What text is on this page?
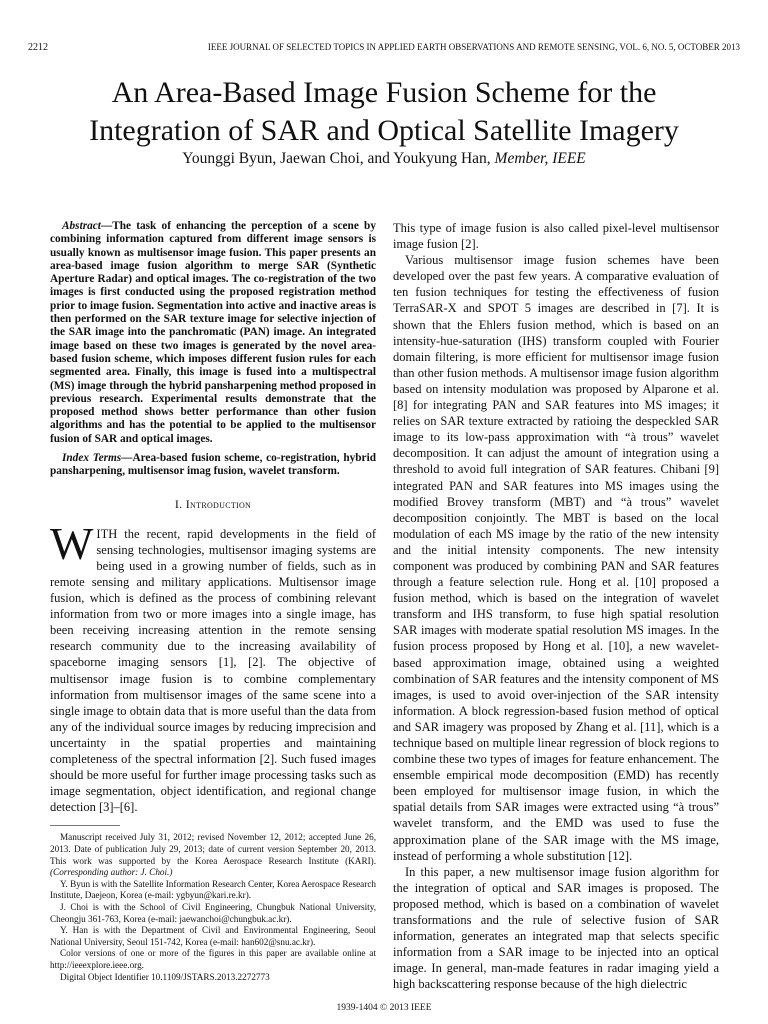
2212	IEEE JOURNAL OF SELECTED TOPICS IN APPLIED EARTH OBSERVATIONS AND REMOTE SENSING, VOL. 6, NO. 5, OCTOBER 2013
An Area-Based Image Fusion Scheme for the
Integration of SAR and Optical Satellite Imagery
Younggi Byun, Jaewan Choi, and Youkyung Han, Member, IEEE

Abstract—The task of enhancing the perception of a scene by combining information captured from different image sensors is usually known as multisensor image fusion. This paper presents an area-based image fusion algorithm to merge SAR (Synthetic Aperture Radar) and optical images. The co-registration of the two images is first conducted using the proposed registration method prior to image fusion. Segmentation into active and inactive areas is then performed on the SAR texture image for selective injection of the SAR image into the panchromatic (PAN) image. An integrated image based on these two images is generated by the novel area-based fusion scheme, which imposes different fusion rules for each segmented area. Finally, this image is fused into a multispectral (MS) image through the hybrid pansharpening method proposed in previous research. Experimental results demonstrate that the proposed method shows better performance than other fusion algorithms and has the potential to be applied to the multisensor fusion of SAR and optical images.

Index Terms—Area-based fusion scheme, co-registration, hybrid pansharpening, multisensor imag fusion, wavelet transform.

I. Introduction

WITH the recent, rapid developments in the field of sensing technologies, multisensor imaging systems are being used in a growing number of fields, such as in remote sensing and military applications. Multisensor image fusion, which is defined as the process of combining relevant information from two or more images into a single image, has been receiving increasing attention in the remote sensing research community due to the increasing availability of spaceborne imaging sensors [1], [2]. The objective of multisensor image fusion is to combine complementary information from multisensor images of the same scene into a single image to obtain data that is more useful than the data from any of the individual source images by reducing imprecision and uncertainty in the spatial properties and maintaining completeness of the spectral information [2]. Such fused images should be more useful for further image processing tasks such as image segmentation, object identification, and regional change detection [3]–[6].

Manuscript received July 31, 2012; revised November 12, 2012; accepted June 26, 2013. Date of publication July 29, 2013; date of current version September 20, 2013. This work was supported by the Korea Aerospace Research Institute (KARI). (Corresponding author: J. Choi.)

Y. Byun is with the Satellite Information Research Center, Korea Aerospace Research Institute, Daejeon, Korea (e-mail: ygbyun@kari.re.kr).

J. Choi is with the School of Civil Engineering, Chungbuk National University, Cheongju 361-763, Korea (e-mail: jaewanchoi@chungbuk.ac.kr).

Y. Han is with the Department of Civil and Environmental Engineering, Seoul National University, Seoul 151-742, Korea (e-mail: han602@snu.ac.kr).

Color versions of one or more of the figures in this paper are available online at http://ieeexplore.ieee.org.

Digital Object Identifier 10.1109/JSTARS.2013.2272773

This type of image fusion is also called pixel-level multisensor image fusion [2].

Various multisensor image fusion schemes have been developed over the past few years. A comparative evaluation of ten fusion techniques for testing the effectiveness of fusion TerraSAR-X and SPOT 5 images are described in [7]. It is shown that the Ehlers fusion method, which is based on an intensity-hue-saturation (IHS) transform coupled with Fourier domain filtering, is more efficient for multisensor image fusion than other fusion methods. A multisensor image fusion algorithm based on intensity modulation was proposed by Alparone et al. [8] for integrating PAN and SAR features into MS images; it relies on SAR texture extracted by ratioing the despeckled SAR image to its low-pass approximation with “à trous” wavelet decomposition. It can adjust the amount of integration using a threshold to avoid full integration of SAR features. Chibani [9] integrated PAN and SAR features into MS images using the modified Brovey transform (MBT) and “à trous” wavelet decomposition conjointly. The MBT is based on the local modulation of each MS image by the ratio of the new intensity and the initial intensity components. The new intensity component was produced by combining PAN and SAR features through a feature selection rule. Hong et al. [10] proposed a fusion method, which is based on the integration of wavelet transform and IHS transform, to fuse high spatial resolution SAR images with moderate spatial resolution MS images. In the fusion process proposed by Hong et al. [10], a new wavelet-based approximation image, obtained using a weighted combination of SAR features and the intensity component of MS images, is used to avoid over-injection of the SAR intensity information. A block regression-based fusion method of optical and SAR imagery was proposed by Zhang et al. [11], which is a technique based on multiple linear regression of block regions to combine these two types of images for feature enhancement. The ensemble empirical mode decomposition (EMD) has recently been employed for multisensor image fusion, in which the spatial details from SAR images were extracted using “à trous” wavelet transform, and the EMD was used to fuse the approximation plane of the SAR image with the MS image, instead of performing a whole substitution [12].

In this paper, a new multisensor image fusion algorithm for the integration of optical and SAR images is proposed. The proposed method, which is based on a combination of wavelet transformations and the rule of selective fusion of SAR information, generates an integrated map that selects specific information from a SAR image to be injected into an optical image. In general, man-made features in radar imaging yield a high backscattering response because of the high dielectric

1939-1404 © 2013 IEEE
